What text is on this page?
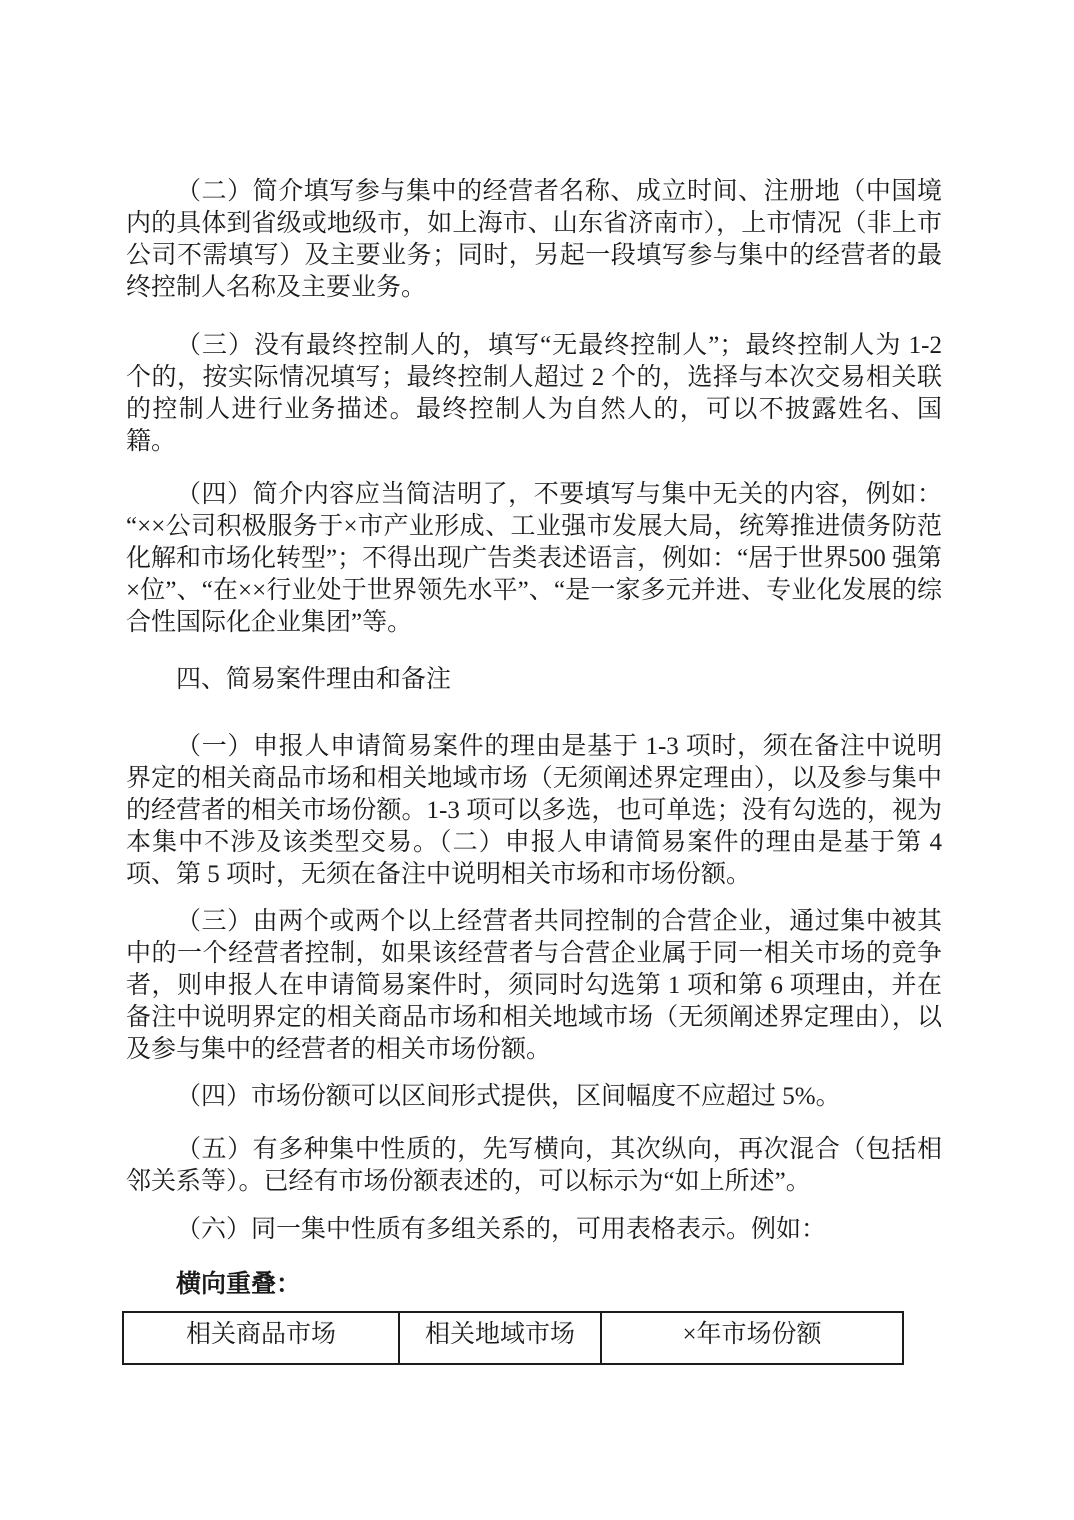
（二）简介填写参与集中的经营者名称、成立时间、注册地（中国境内的具体到省级或地级市，如上海市、山东省济南市），上市情况（非上市公司不需填写）及主要业务；同时，另起一段填写参与集中的经营者的最终控制人名称及主要业务。

（三）没有最终控制人的，填写“无最终控制人”；最终控制人为 1-2 个的，按实际情况填写；最终控制人超过 2 个的，选择与本次交易相关联的控制人进行业务描述。最终控制人为自然人的，可以不披露姓名、国籍。

（四）简介内容应当简洁明了，不要填写与集中无关的内容，例如：“××公司积极服务于×市产业形成、工业强市发展大局，统筹推进债务防范化解和市场化转型”；不得出现广告类表述语言，例如：“居于世界500 强第×位”、“在××行业处于世界领先水平”、“是一家多元并进、专业化发展的综合性国际化企业集团”等。

四、简易案件理由和备注

（一）申报人申请简易案件的理由是基于 1-3 项时，须在备注中说明界定的相关商品市场和相关地域市场（无须阐述界定理由），以及参与集中的经营者的相关市场份额。1-3 项可以多选，也可单选；没有勾选的，视为本集中不涉及该类型交易。（二）申报人申请简易案件的理由是基于第 4 项、第 5 项时，无须在备注中说明相关市场和市场份额。

（三）由两个或两个以上经营者共同控制的合营企业，通过集中被其中的一个经营者控制，如果该经营者与合营企业属于同一相关市场的竞争者，则申报人在申请简易案件时，须同时勾选第 1 项和第 6 项理由，并在备注中说明界定的相关商品市场和相关地域市场（无须阐述界定理由），以及参与集中的经营者的相关市场份额。

（四）市场份额可以区间形式提供，区间幅度不应超过 5%。

（五）有多种集中性质的，先写横向，其次纵向，再次混合（包括相邻关系等）。已经有市场份额表述的，可以标示为“如上所述”。

（六）同一集中性质有多组关系的，可用表格表示。例如：

横向重叠：

相关商品市场	相关地域市场	×年市场份额
